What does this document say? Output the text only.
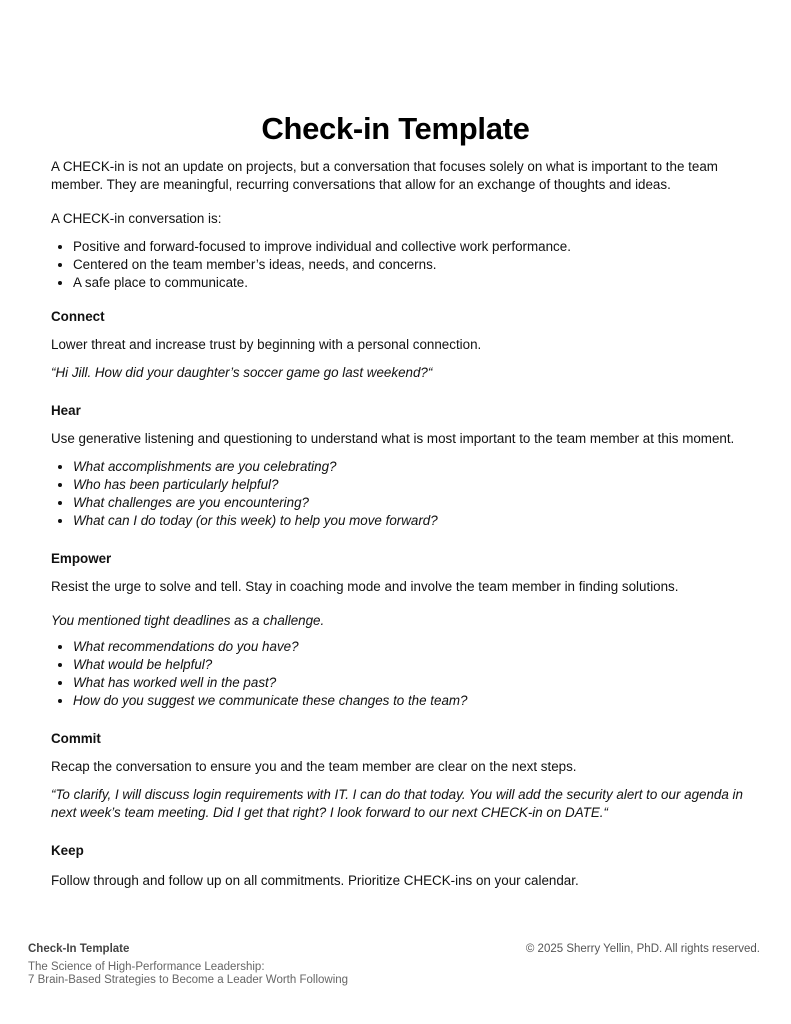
Check-in Template

A CHECK-in is not an update on projects, but a conversation that focuses solely on what is important to the team member. They are meaningful, recurring conversations that allow for an exchange of thoughts and ideas.

A CHECK-in conversation is:

• Positive and forward-focused to improve individual and collective work performance.
• Centered on the team member’s ideas, needs, and concerns.
• A safe place to communicate.
Connect

Lower threat and increase trust by beginning with a personal connection.

“Hi Jill. How did your daughter’s soccer game go last weekend?“

Hear

Use generative listening and questioning to understand what is most important to the team member at this moment.

• What accomplishments are you celebrating?
• Who has been particularly helpful?
• What challenges are you encountering?
• What can I do today (or this week) to help you move forward?
Empower

Resist the urge to solve and tell. Stay in coaching mode and involve the team member in finding solutions.

You mentioned tight deadlines as a challenge.

• What recommendations do you have?
• What would be helpful?
• What has worked well in the past?
• How do you suggest we communicate these changes to the team?
Commit

Recap the conversation to ensure you and the team member are clear on the next steps.

“To clarify, I will discuss login requirements with IT. I can do that today. You will add the security alert to our agenda in next week’s team meeting. Did I get that right? I look forward to our next CHECK-in on DATE.“

Keep

Follow through and follow up on all commitments. Prioritize CHECK-ins on your calendar.

Check-In Template	© 2025 Sherry Yellin, PhD. All rights reserved.
The Science of High-Performance Leadership:
7 Brain-Based Strategies to Become a Leader Worth Following
